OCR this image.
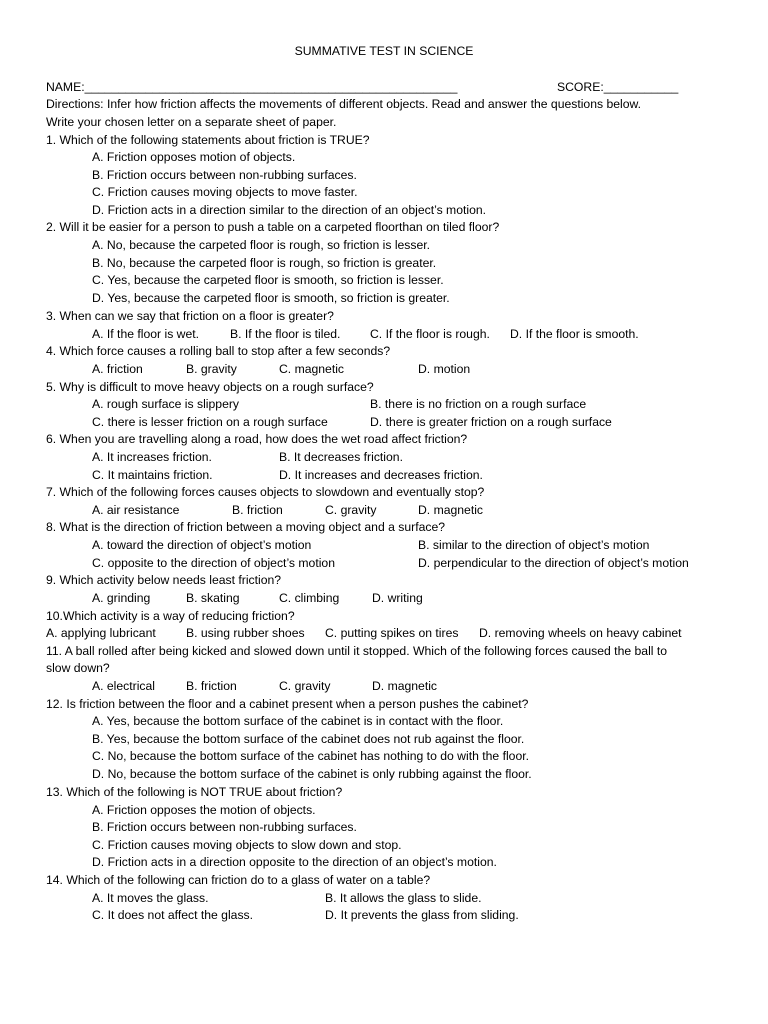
SUMMATIVE TEST IN SCIENCE
NAME:_______________________________________________________	SCORE:___________
Directions: Infer how friction affects the movements of different objects. Read and answer the questions below.
Write your chosen letter on a separate sheet of paper.
1. Which of the following statements about friction is TRUE?
A. Friction opposes motion of objects.
B. Friction occurs between non-rubbing surfaces.
C. Friction causes moving objects to move faster.
D. Friction acts in a direction similar to the direction of an object’s motion.
2. Will it be easier for a person to push a table on a carpeted floorthan on tiled floor?
A. No, because the carpeted floor is rough, so friction is lesser.
B. No, because the carpeted floor is rough, so friction is greater.
C. Yes, because the carpeted floor is smooth, so friction is lesser.
D. Yes, because the carpeted floor is smooth, so friction is greater.
3. When can we say that friction on a floor is greater?
A. If the floor is wet.	B. If the floor is tiled. C. If the floor is rough. D. If the floor is smooth.
4. Which force causes a rolling ball to stop after a few seconds?
A. friction	B. gravity	C. magnetic	D. motion
5. Why is difficult to move heavy objects on a rough surface?
A. rough surface is slippery	B. there is no friction on a rough surface
C. there is lesser friction on a rough surface	D. there is greater friction on a rough surface
6. When you are travelling along a road, how does the wet road affect friction?
A. It increases friction.	B. It decreases friction.
C. It maintains friction.	D. It increases and decreases friction.
7. Which of the following forces causes objects to slowdown and eventually stop?
A. air resistance	B. friction	C. gravity	D. magnetic
8. What is the direction of friction between a moving object and a surface?
A. toward the direction of object’s motion	B. similar to the direction of object’s motion
C. opposite to the direction of object’s motion	D. perpendicular to the direction of object’s motion
9. Which activity below needs least friction?
A. grinding	B. skating	C. climbing	D. writing
10.Which activity is a way of reducing friction?
A. applying lubricant B. using rubber shoes C. putting spikes on tires D. removing wheels on heavy cabinet
11. A ball rolled after being kicked and slowed down until it stopped. Which of the following forces caused the ball to
slow down?
A. electrical	B. friction	C. gravity	D. magnetic
12. Is friction between the floor and a cabinet present when a person pushes the cabinet?
A. Yes, because the bottom surface of the cabinet is in contact with the floor.
B. Yes, because the bottom surface of the cabinet does not rub against the floor.
C. No, because the bottom surface of the cabinet has nothing to do with the floor.
D. No, because the bottom surface of the cabinet is only rubbing against the floor.
13. Which of the following is NOT TRUE about friction?
A. Friction opposes the motion of objects.
B. Friction occurs between non-rubbing surfaces.
C. Friction causes moving objects to slow down and stop.
D. Friction acts in a direction opposite to the direction of an object’s motion.
14. Which of the following can friction do to a glass of water on a table?
A. It moves the glass.	B. It allows the glass to slide.
C. It does not affect the glass.	D. It prevents the glass from sliding.
